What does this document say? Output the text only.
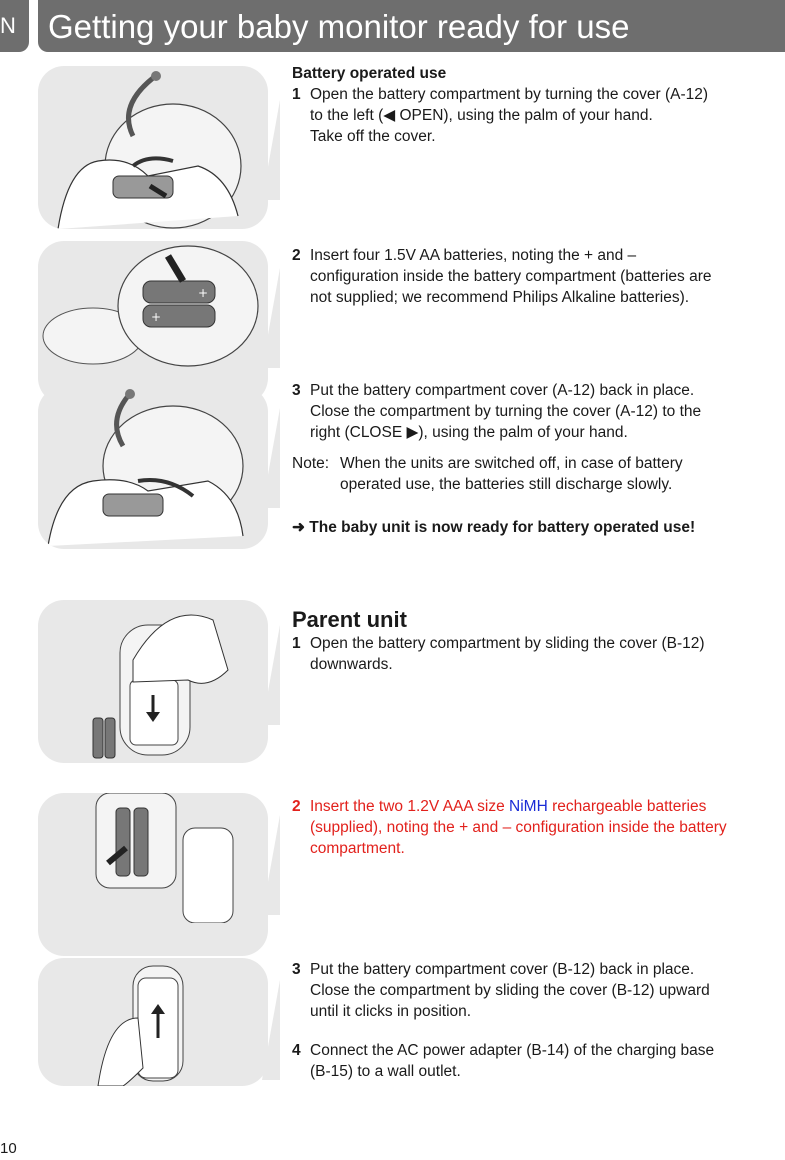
N Getting your baby monitor ready for use
+
+
Battery operated use
1 Open the battery compartment by turning the cover (A-12)
to the left (◀ OPEN), using the palm of your hand.
Take off the cover.
2 Insert four 1.5V AA batteries, noting the + and –
configuration inside the battery compartment (batteries are
not supplied; we recommend Philips Alkaline batteries).
3 Put the battery compartment cover (A-12) back in place.
Close the compartment by turning the cover (A-12) to the
right (CLOSE ▶), using the palm of your hand.
Note: When the units are switched off, in case of battery
operated use, the batteries still discharge slowly.
➜ The baby unit is now ready for battery operated use!
Parent unit
1 Open the battery compartment by sliding the cover (B-12)
downwards.
2 Insert the two 1.2V AAA size NiMH rechargeable batteries
(supplied), noting the + and – configuration inside the battery
compartment.
3 Put the battery compartment cover (B-12) back in place.
Close the compartment by sliding the cover (B-12) upward
until it clicks in position.
4 Connect the AC power adapter (B-14) of the charging base
(B-15) to a wall outlet.
10
